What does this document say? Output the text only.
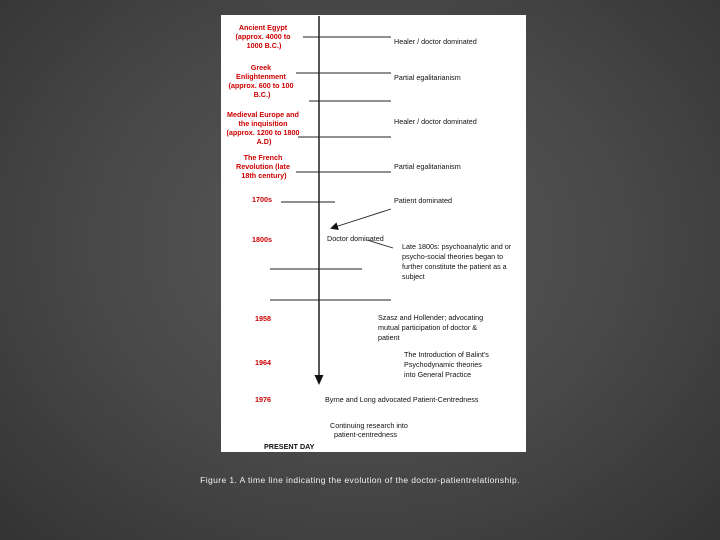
Ancient Egypt (approx. 4000 to 1000 B.C.)
Greek Enlightenment (approx. 600 to 100 B.C.)
Medieval Europe and the inquisition (approx. 1200 to 1800 A.D)
The French Revolution (late 18th century)
1700s
1800s
1958
1964
1976
Healer / doctor dominated
Partial egalitarianism
Healer / doctor dominated
Partial egalitarianism
Patient dominated
Doctor dominated
Late 1800s: psychoanalytic and or psycho-social theories began to further constitute the patient as a subject
Szasz and Hollender; advocating mutual participation of doctor & patient
The Introduction of Balint's Psychodynamic theories into General Practice
Byrne and Long advocated Patient-Centredness
Continuing research into patient-centredness
PRESENT DAY
Figure 1. A time line indicating the evolution of the doctor-patientrelationship.
